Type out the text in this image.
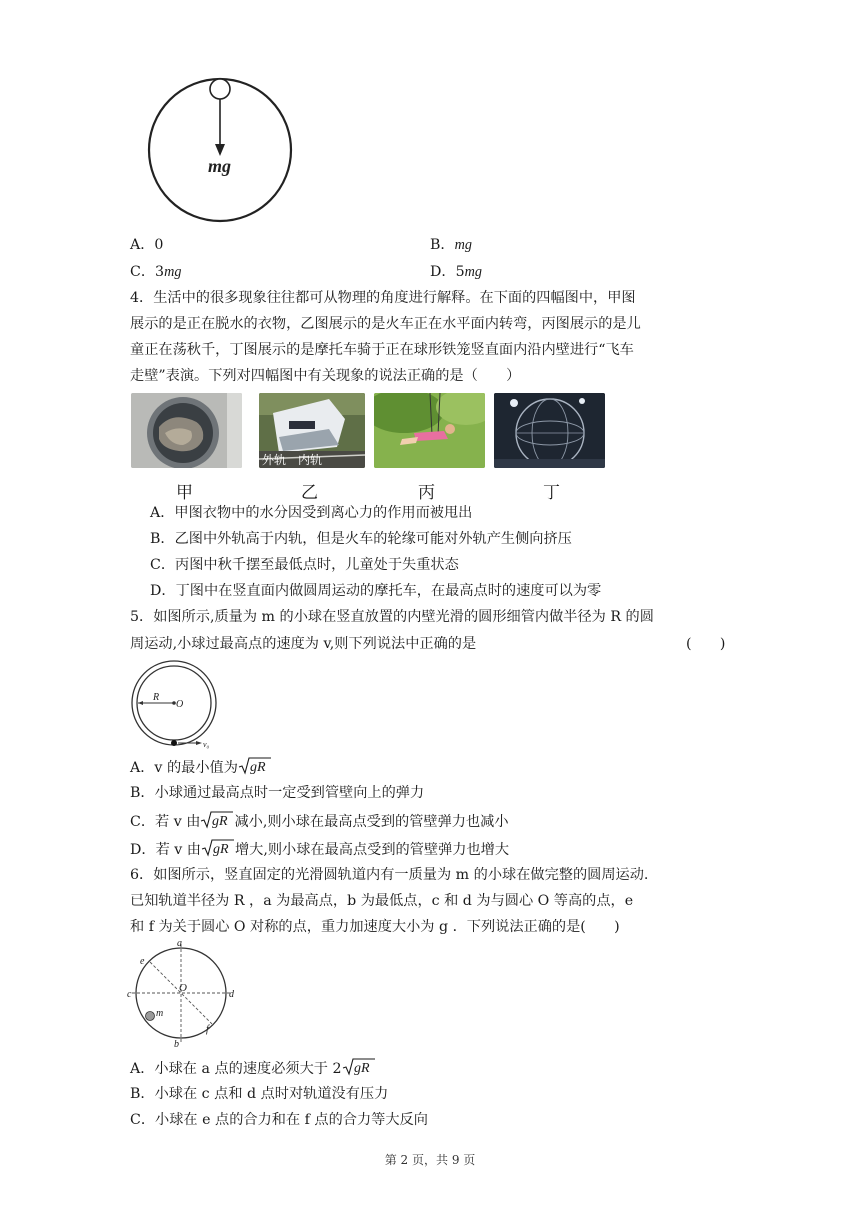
mg
A．0	B．mg
C．3mg	D．5mg
4．生活中的很多现象往往都可从物理的角度进行解释。在下面的四幅图中，甲图
展示的是正在脱水的衣物，乙图展示的是火车正在水平面内转弯，丙图展示的是儿
童正在荡秋千，丁图展示的是摩托车骑于正在球形铁笼竖直面内沿内壁进行“飞车
走壁”表演。下列对四幅图中有关现象的说法正确的是（　　）
外轨　内轨
甲	乙	丙	丁
A．甲图衣物中的水分因受到离心力的作用而被甩出
B．乙图中外轨高于内轨，但是火车的轮缘可能对外轨产生侧向挤压
C．丙图中秋千摆至最低点时，儿童处于失重状态
D．丁图中在竖直面内做圆周运动的摩托车，在最高点时的速度可以为零
5．如图所示,质量为 m 的小球在竖直放置的内壁光滑的圆形细管内做半径为 R 的圆
周运动,小球过最高点的速度为 v,则下列说法中正确的是	(　　)
R
O
v₀
A．v 的最小值为 gR
B．小球通过最高点时一定受到管壁向上的弹力
C．若 v 由 gR 减小,则小球在最高点受到的管壁弹力也减小
D．若 v 由 gR 增大,则小球在最高点受到的管壁弹力也增大
6．如图所示，竖直固定的光滑圆轨道内有一质量为 m 的小球在做完整的圆周运动.
已知轨道半径为 R ，a 为最高点，b 为最低点，c 和 d 为与圆心 O 等高的点，e
和 f 为关于圆心 O 对称的点，重力加速度大小为 g ．下列说法正确的是(　　)
a
b
c	d
e
f
O
m
A．小球在 a 点的速度必须大于 2 gR
B．小球在 c 点和 d 点时对轨道没有压力
C．小球在 e 点的合力和在 f 点的合力等大反向
第 2 页，共 9 页
